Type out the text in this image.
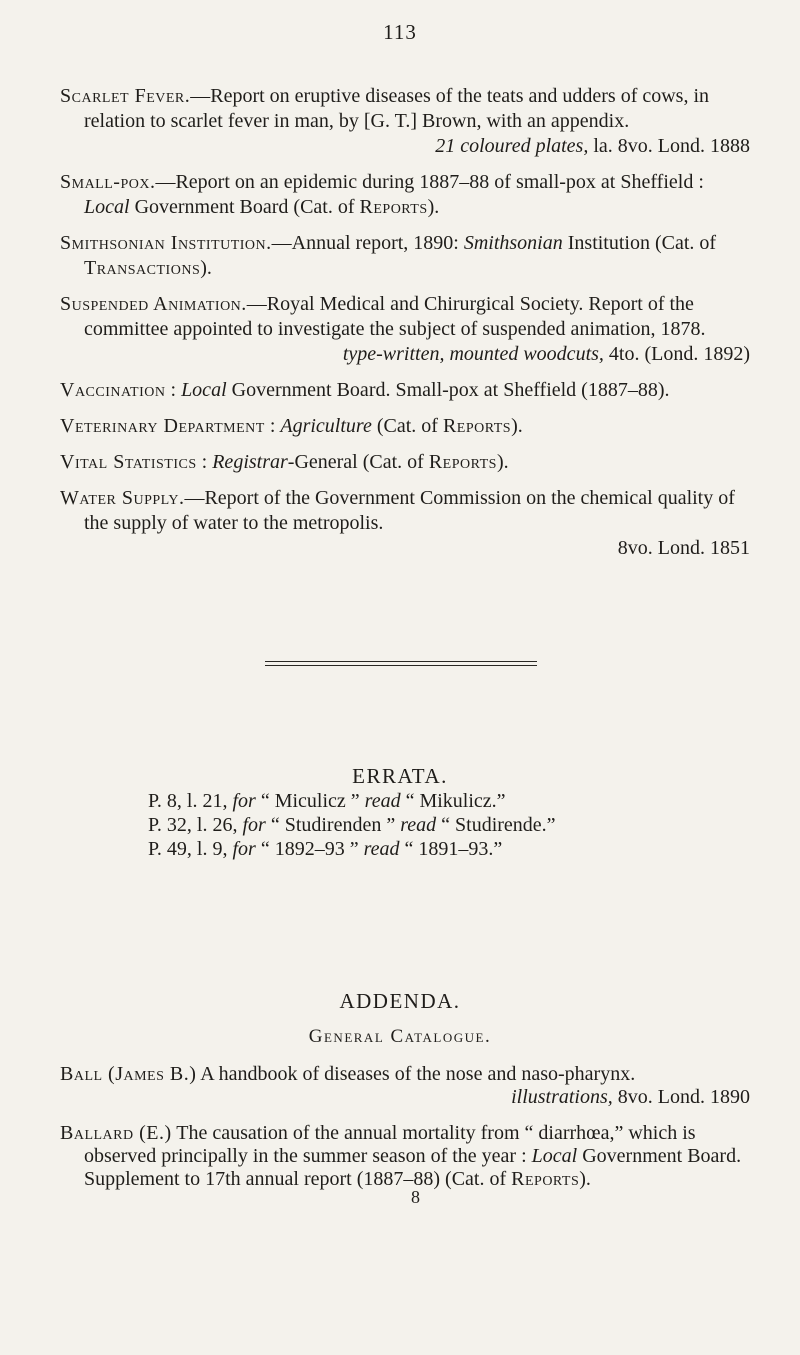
113
Scarlet Fever.—Report on eruptive diseases of the teats and udders of cows, in relation to scarlet fever in man, by [G. T.] Brown, with an appendix.
21 coloured plates, la. 8vo. Lond. 1888
Small-pox.—Report on an epidemic during 1887–88 of small-pox at Sheffield : Local Government Board (Cat. of Reports).
Smithsonian Institution.—Annual report, 1890: Smithsonian Institution (Cat. of Transactions).
Suspended Animation.—Royal Medical and Chirurgical Society. Report of the committee appointed to investigate the subject of suspended animation, 1878.
type-written, mounted woodcuts, 4to. (Lond. 1892)
Vaccination : Local Government Board. Small-pox at Sheffield (1887–88).
Veterinary Department : Agriculture (Cat. of Reports).
Vital Statistics : Registrar-General (Cat. of Reports).
Water Supply.—Report of the Government Commission on the chemical quality of the supply of water to the metropolis.
8vo. Lond. 1851
ERRATA.
P. 8, l. 21, for “ Miculicz ” read “ Mikulicz.”
P. 32, l. 26, for “ Studirenden ” read “ Studirende.”
P. 49, l. 9, for “ 1892–93 ” read “ 1891–93.”
ADDENDA.
General Catalogue.
Ball (James B.) A handbook of diseases of the nose and naso-pharynx.
illustrations, 8vo. Lond. 1890
Ballard (E.) The causation of the annual mortality from “ diarrhœa,” which is observed principally in the summer season of the year : Local Government Board. Supplement to 17th annual report (1887–88) (Cat. of Reports).
8
